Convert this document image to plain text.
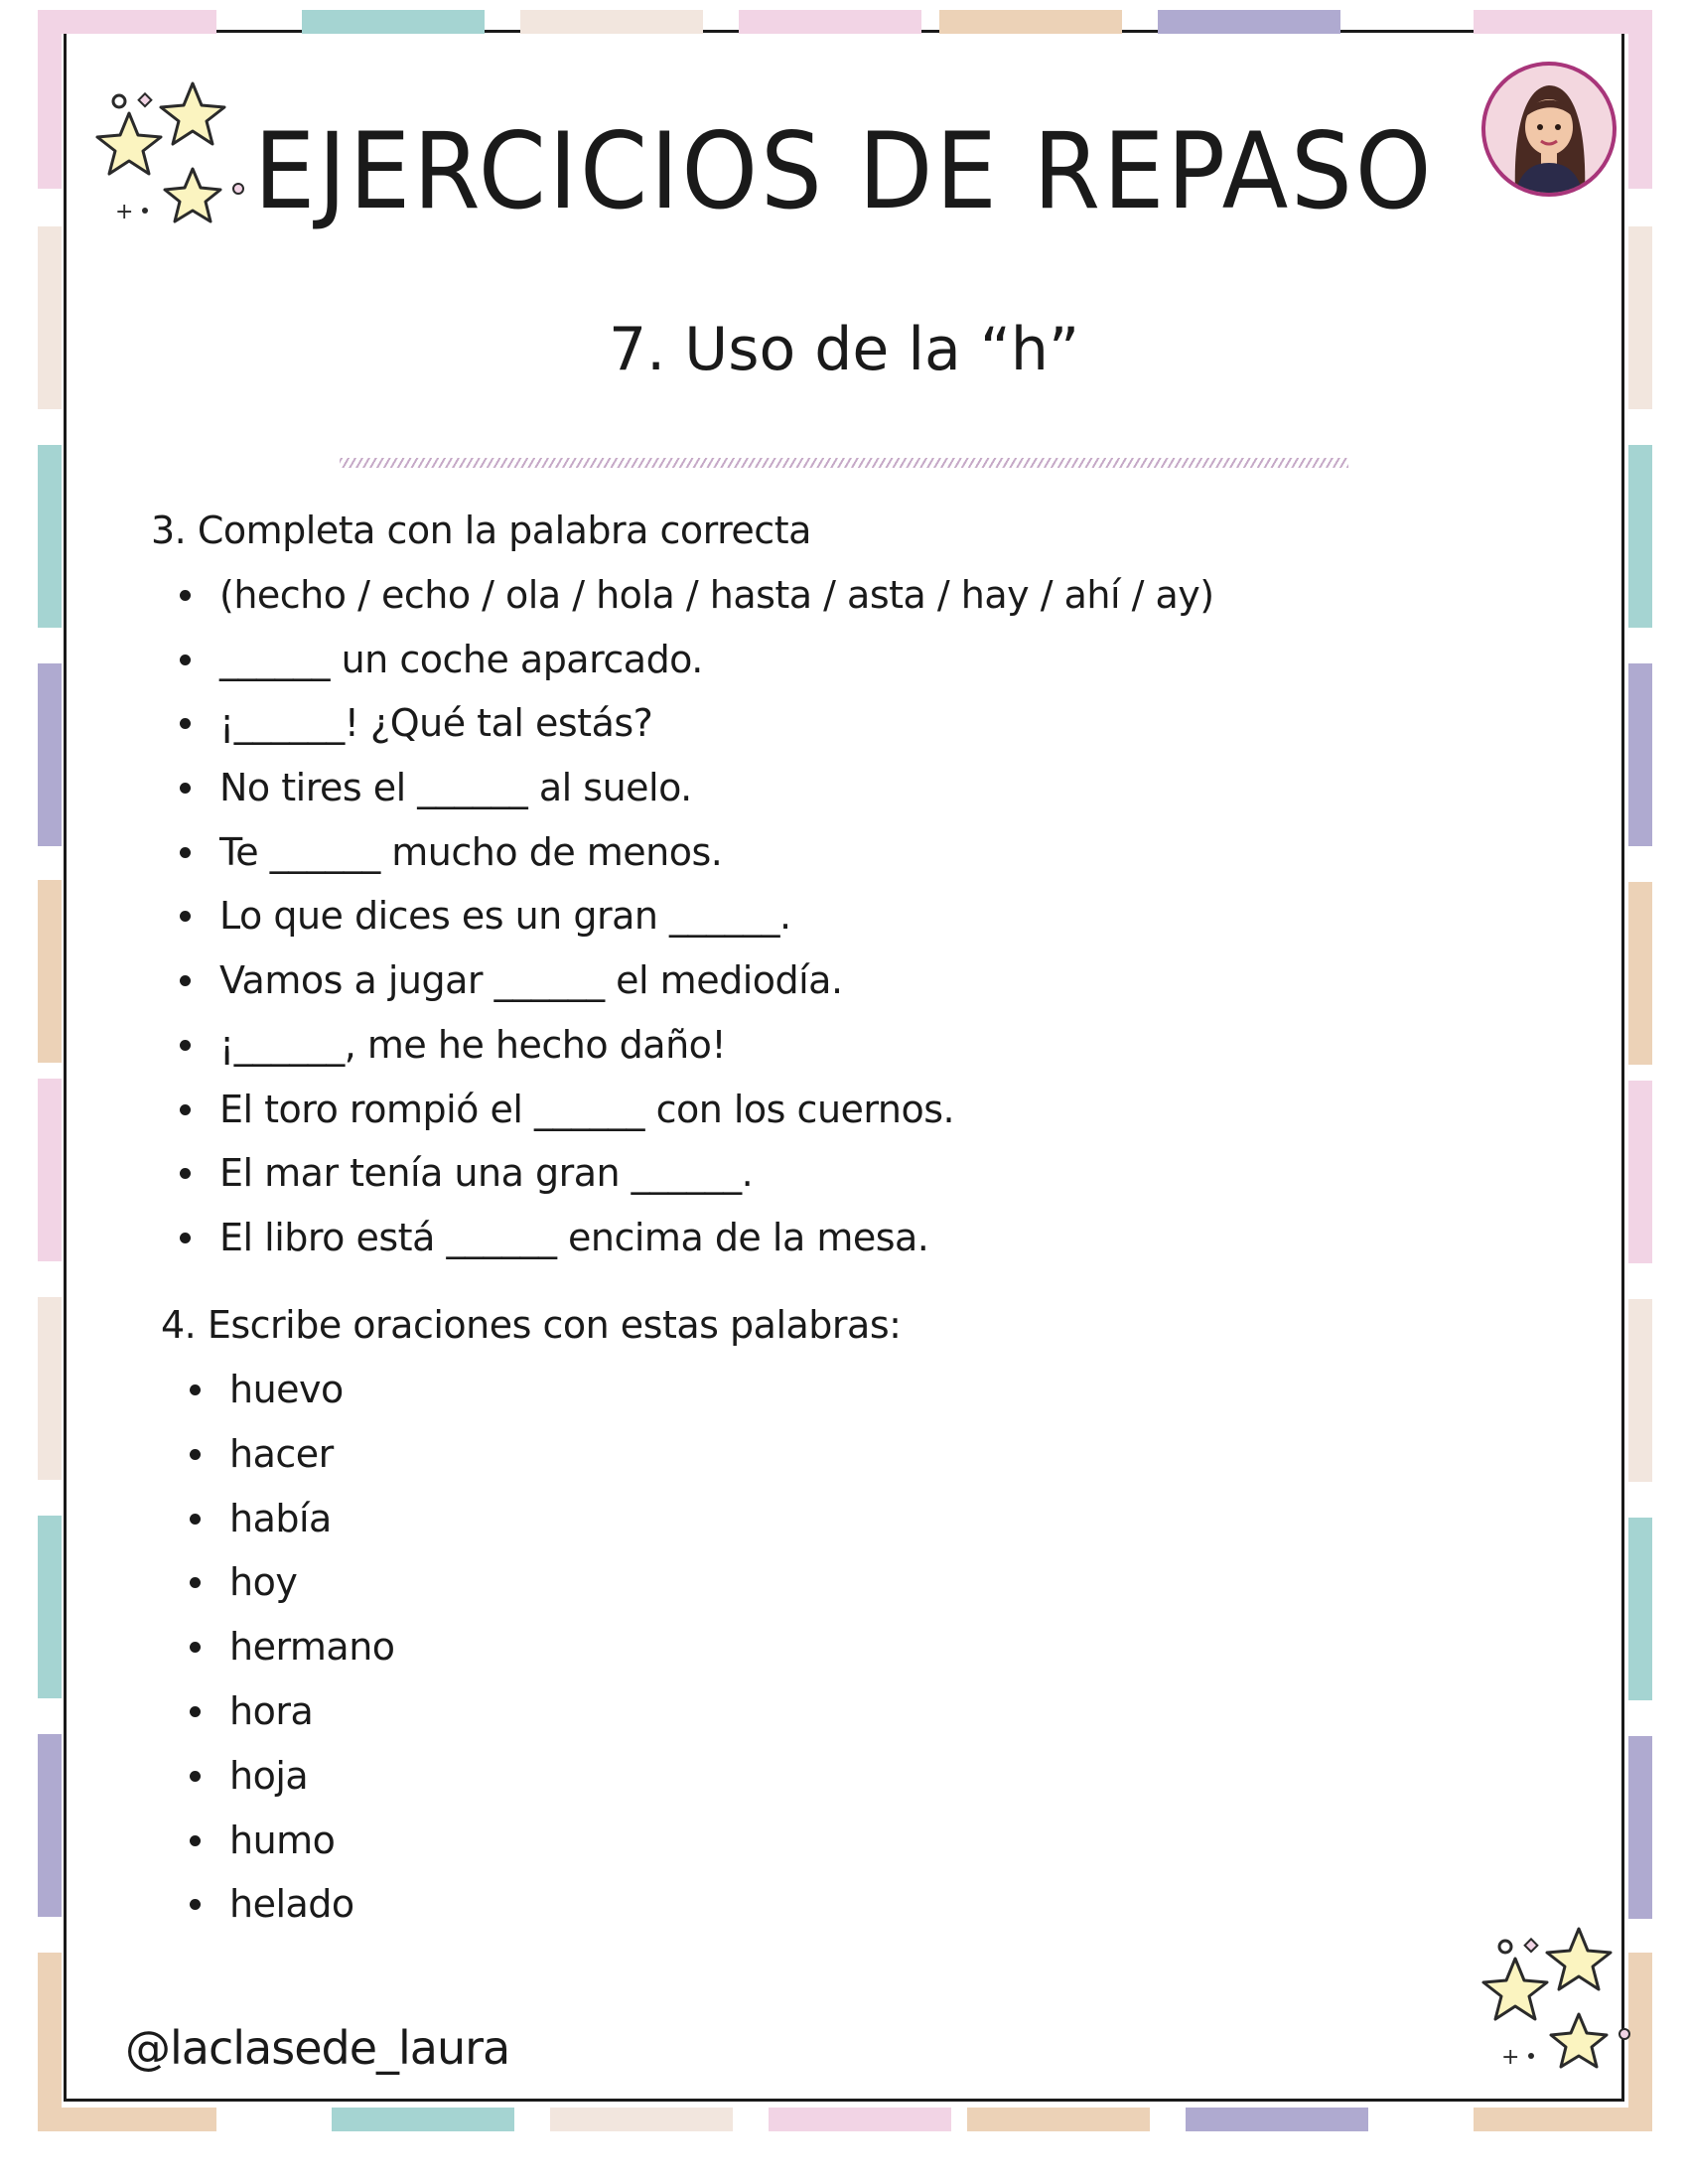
+	EJERCICIOS DE REPASO
7. Uso de la “h”
3. Completa con la palabra correcta
(hecho / echo / ola / hola / hasta / asta / hay / ahí / ay)
______ un coche aparcado.
¡______! ¿Qué tal estás?
No tires el ______ al suelo.
Te ______ mucho de menos.
Lo que dices es un gran ______.
Vamos a jugar ______ el mediodía.
¡______, me he hecho daño!
El toro rompió el ______ con los cuernos.
El mar tenía una gran ______.
El libro está ______ encima de la mesa.
4. Escribe oraciones con estas palabras:
huevo
hacer
había
hoy
hermano
hora
hoja
humo
helado
+
@laclasede_laura
